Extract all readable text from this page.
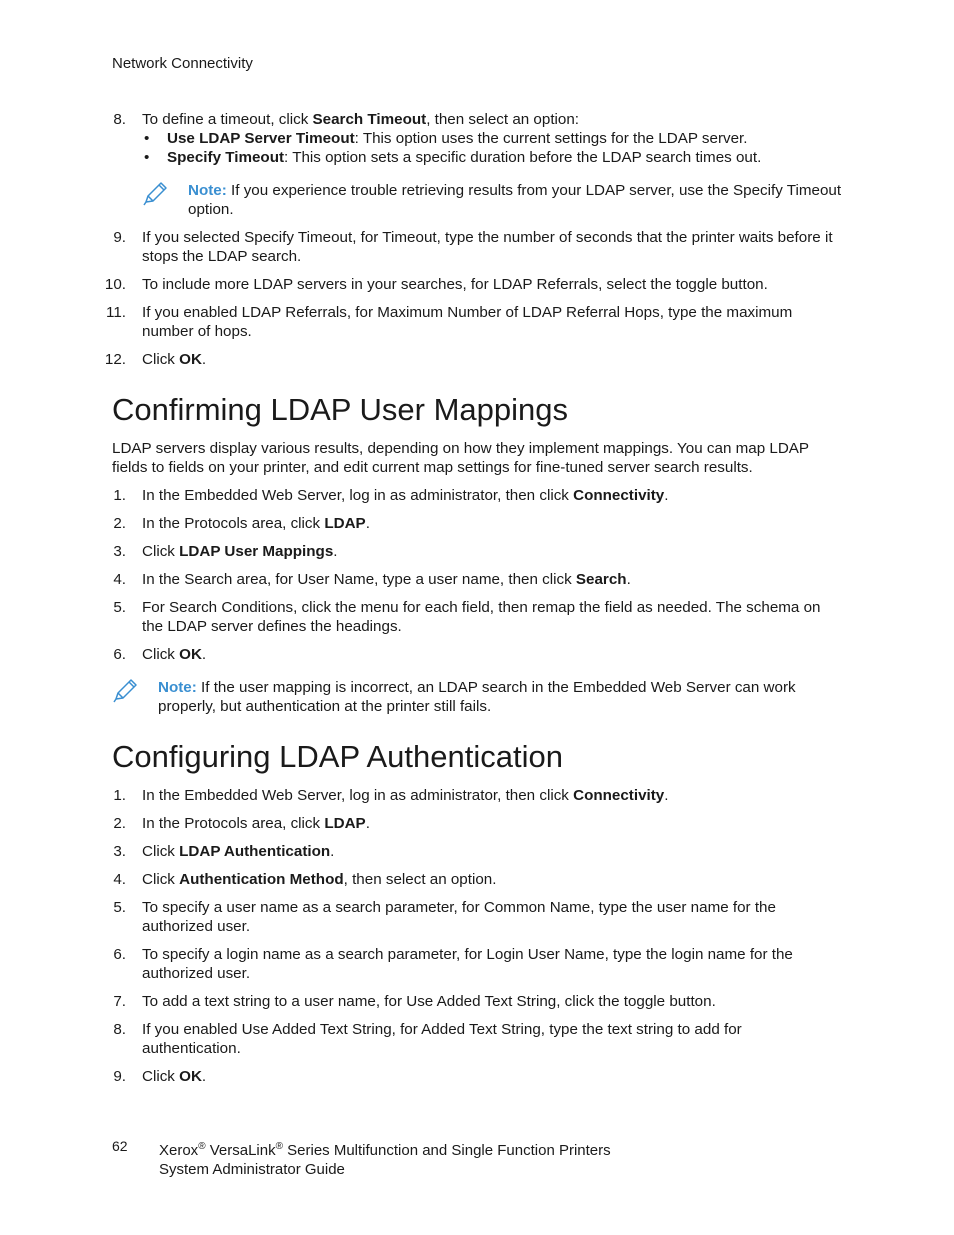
Network Connectivity
8. To define a timeout, click Search Timeout, then select an option:
• Use LDAP Server Timeout: This option uses the current settings for the LDAP server.
• Specify Timeout: This option sets a specific duration before the LDAP search times out.
Note: If you experience trouble retrieving results from your LDAP server, use the Specify Timeout option.
9. If you selected Specify Timeout, for Timeout, type the number of seconds that the printer waits before it stops the LDAP search.
10. To include more LDAP servers in your searches, for LDAP Referrals, select the toggle button.
11. If you enabled LDAP Referrals, for Maximum Number of LDAP Referral Hops, type the maximum number of hops.
12. Click OK.
Confirming LDAP User Mappings

LDAP servers display various results, depending on how they implement mappings. You can map LDAP fields to fields on your printer, and edit current map settings for fine-tuned server search results.

1. In the Embedded Web Server, log in as administrator, then click Connectivity.
2. In the Protocols area, click LDAP.
3. Click LDAP User Mappings.
4. In the Search area, for User Name, type a user name, then click Search.
5. For Search Conditions, click the menu for each field, then remap the field as needed. The schema on the LDAP server defines the headings.
6. Click OK.
Note: If the user mapping is incorrect, an LDAP search in the Embedded Web Server can work properly, but authentication at the printer still fails.
Configuring LDAP Authentication
1. In the Embedded Web Server, log in as administrator, then click Connectivity.
2. In the Protocols area, click LDAP.
3. Click LDAP Authentication.
4. Click Authentication Method, then select an option.
5. To specify a user name as a search parameter, for Common Name, type the user name for the authorized user.
6. To specify a login name as a search parameter, for Login User Name, type the login name for the authorized user.
7. To add a text string to a user name, for Use Added Text String, click the toggle button.
8. If you enabled Use Added Text String, for Added Text String, type the text string to add for authentication.
9. Click OK.
62 Xerox® VersaLink® Series Multifunction and Single Function Printers
System Administrator Guide
